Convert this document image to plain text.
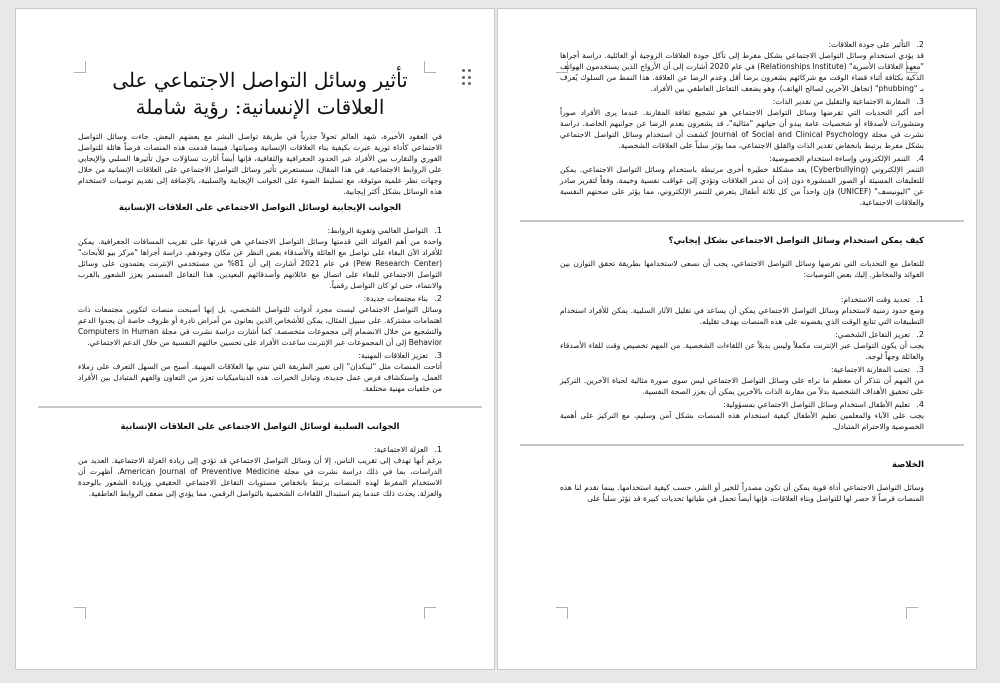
تأثير وسائل التواصل الاجتماعي على العلاقات الإنسانية: رؤية شاملة

في العقود الأخيرة، شهد العالم تحولاً جذرياً في طريقة تواصل البشر مع بعضهم البعض. جاءت وسائل التواصل الاجتماعي كأداة ثورية عبرت بكيفية بناء العلاقات الإنسانية وصيانتها. فبينما قدمت هذه المنصات فرصاً هائلة للتواصل الفوري والتقارب بين الأفراد عبر الحدود الجغرافية والثقافية، فإنها أيضاً أثارت تساؤلات حول تأثيرها السلبي والإيجابي على الروابط الاجتماعية. في هذا المقال، سنستعرض تأثير وسائل التواصل الاجتماعي على العلاقات الإنسانية من خلال وجهات نظر علمية موثوقة، مع تسليط الضوء على الجوانب الإيجابية والسلبية، بالإضافة إلى تقديم توصيات لاستخدام هذه الوسائل بشكل أكثر إيجابية.

الجوانب الإيجابية لوسائل التواصل الاجتماعي على العلاقات الإنسانية
1.
التواصل العالمي وتقوية الروابط:
واحدة من أهم الفوائد التي قدمتها وسائل التواصل الاجتماعي هي قدرتها على تقريب المسافات الجغرافية. يمكن للأفراد الآن البقاء على تواصل مع العائلة والأصدقاء بغض النظر عن مكان وجودهم. دراسة أجراها "مركز بيو للأبحاث" (Pew Research Center) في عام 2021 أشارت إلى أن 81% من مستخدمي الإنترنت يعتمدون على وسائل التواصل الاجتماعي للبقاء على اتصال مع عائلاتهم وأصدقائهم البعيدين. هذا التفاعل المستمر يعزز الشعور بالقرب والانتماء، حتى لو كان التواصل رقمياً.
2.
بناء مجتمعات جديدة:
وسائل التواصل الاجتماعي ليست مجرد أدوات للتواصل الشخصي، بل إنها أصبحت منصات لتكوين مجتمعات ذات اهتمامات مشتركة. على سبيل المثال، يمكن للأشخاص الذين يعانون من أمراض نادرة أو ظروف خاصة أن يجدوا الدعم والتشجيع من خلال الانضمام إلى مجموعات متخصصة. كما أشارت دراسة نشرت في مجلة Computers in Human Behavior إلى أن المجموعات عبر الإنترنت ساعدت الأفراد على تحسين حالتهم النفسية من خلال الدعم الاجتماعي.
3.
تعزيز العلاقات المهنية:
أتاحت المنصات مثل "لينكدإن" إلى تغيير الطريقة التي نبني بها العلاقات المهنية. أصبح من السهل التعرف على زملاء العمل، واستكشاف فرص عمل جديدة، وتبادل الخبرات. هذه الديناميكيات تعزز من التعاون والفهم المتبادل بين الأفراد من خلفيات مهنية مختلفة.
الجوانب السلبية لوسائل التواصل الاجتماعي على العلاقات الإنسانية
1.
العزلة الاجتماعية:
برغم أنها تهدف إلى تقريب الناس، إلا أن وسائل التواصل الاجتماعي قد تؤدي إلى زيادة العزلة الاجتماعية. العديد من الدراسات، بما في ذلك دراسة نشرت في مجلة American Journal of Preventive Medicine، أظهرت أن الاستخدام المفرط لهذه المنصات يرتبط بانخفاض مستويات التفاعل الاجتماعي الحقيقي وزيادة الشعور بالوحدة والعزلة. يحدث ذلك عندما يتم استبدال اللقاءات الشخصية بالتواصل الرقمي، مما يؤدي إلى ضعف الروابط العاطفية.
2.
التأثير على جودة العلاقات:
قد يؤدي استخدام وسائل التواصل الاجتماعي بشكل مفرط إلى تآكل جودة العلاقات الزوجية أو العائلية. دراسة أجراها "معهد العلاقات الأسرية" (Relationships Institute) في عام 2020 أشارت إلى أن الأزواج الذين يستخدمون الهواتف الذكية بكثافة أثناء قضاء الوقت مع شركائهم يشعرون برضا أقل وعدم الرضا عن العلاقة. هذا النمط من السلوك يُعرف بـ "phubbing" (تجاهل الآخرين لصالح الهاتف)، وهو يضعف التفاعل العاطفي بين الأفراد.
3.
المقارنة الاجتماعية والتقليل من تقدير الذات:
أحد أكبر التحديات التي تفرضها وسائل التواصل الاجتماعي هو تشجيع ثقافة المقارنة. عندما يرى الأفراد صوراً ومنشورات لأصدقاء أو شخصيات عامة يبدو أن حياتهم "مثالية"، قد يشعرون بعدم الرضا عن جوانبهم الخاصة. دراسة نشرت في مجلة Journal of Social and Clinical Psychology كشفت أن استخدام وسائل التواصل الاجتماعي بشكل مفرط يرتبط بانخفاض تقدير الذات والقلق الاجتماعي، مما يؤثر سلباً على العلاقات الشخصية.
4.
التنمر الإلكتروني وإساءة استخدام الخصوصية:
التنمر الإلكتروني (Cyberbullying) يعد مشكلة خطيرة أخرى مرتبطة باستخدام وسائل التواصل الاجتماعي. يمكن للتعليقات المسيئة أو الصور المنشورة دون إذن أن تدمر العلاقات وتؤدي إلى عواقب نفسية وخيمة. وفقاً لتقرير صادر عن "اليونيسف" (UNICEF) فإن واحداً من كل ثلاثة أطفال يتعرض للتنمر الإلكتروني، مما يؤثر على صحتهم النفسية والعلاقات الاجتماعية.
كيف يمكن استخدام وسائل التواصل الاجتماعي بشكل إيجابي؟

للتعامل مع التحديات التي تفرضها وسائل التواصل الاجتماعي، يجب أن نسعى لاستخدامها بطريقة تحقق التوازن بين الفوائد والمخاطر. إليك بعض التوصيات:

1.
تحديد وقت الاستخدام:
وضع حدود زمنية لاستخدام وسائل التواصل الاجتماعي يمكن أن يساعد في تقليل الآثار السلبية. يمكن للأفراد استخدام التطبيقات التي تتابع الوقت الذي يقضونه على هذه المنصات بهدف تقليله.
2.
تعزيز التفاعل الشخصي:
يجب أن يكون التواصل عبر الإنترنت مكملاً وليس بديلاً عن اللقاءات الشخصية. من المهم تخصيص وقت للقاء الأصدقاء والعائلة وجهاً لوجه.
3.
تجنب المقارنة الاجتماعية:
من المهم أن نتذكر أن معظم ما نراه على وسائل التواصل الاجتماعي ليس سوى صورة مثالية لحياة الآخرين. التركيز على تحقيق الأهداف الشخصية بدلاً من مقارنة الذات بالآخرين يمكن أن يعزز الصحة النفسية.
4.
تعليم الأطفال استخدام وسائل التواصل الاجتماعي بمسؤولية:
يجب على الآباء والمعلمين تعليم الأطفال كيفية استخدام هذه المنصات بشكل آمن وسليم، مع التركيز على أهمية الخصوصية والاحترام المتبادل.
الخلاصة

وسائل التواصل الاجتماعي أداة قوية يمكن أن تكون مصدراً للخير أو الشر، حسب كيفية استخدامها. بينما تقدم لنا هذه المنصات فرصاً لا حصر لها للتواصل وبناء العلاقات، فإنها أيضاً تحمل في طياتها تحديات كبيرة قد تؤثر سلباً على
